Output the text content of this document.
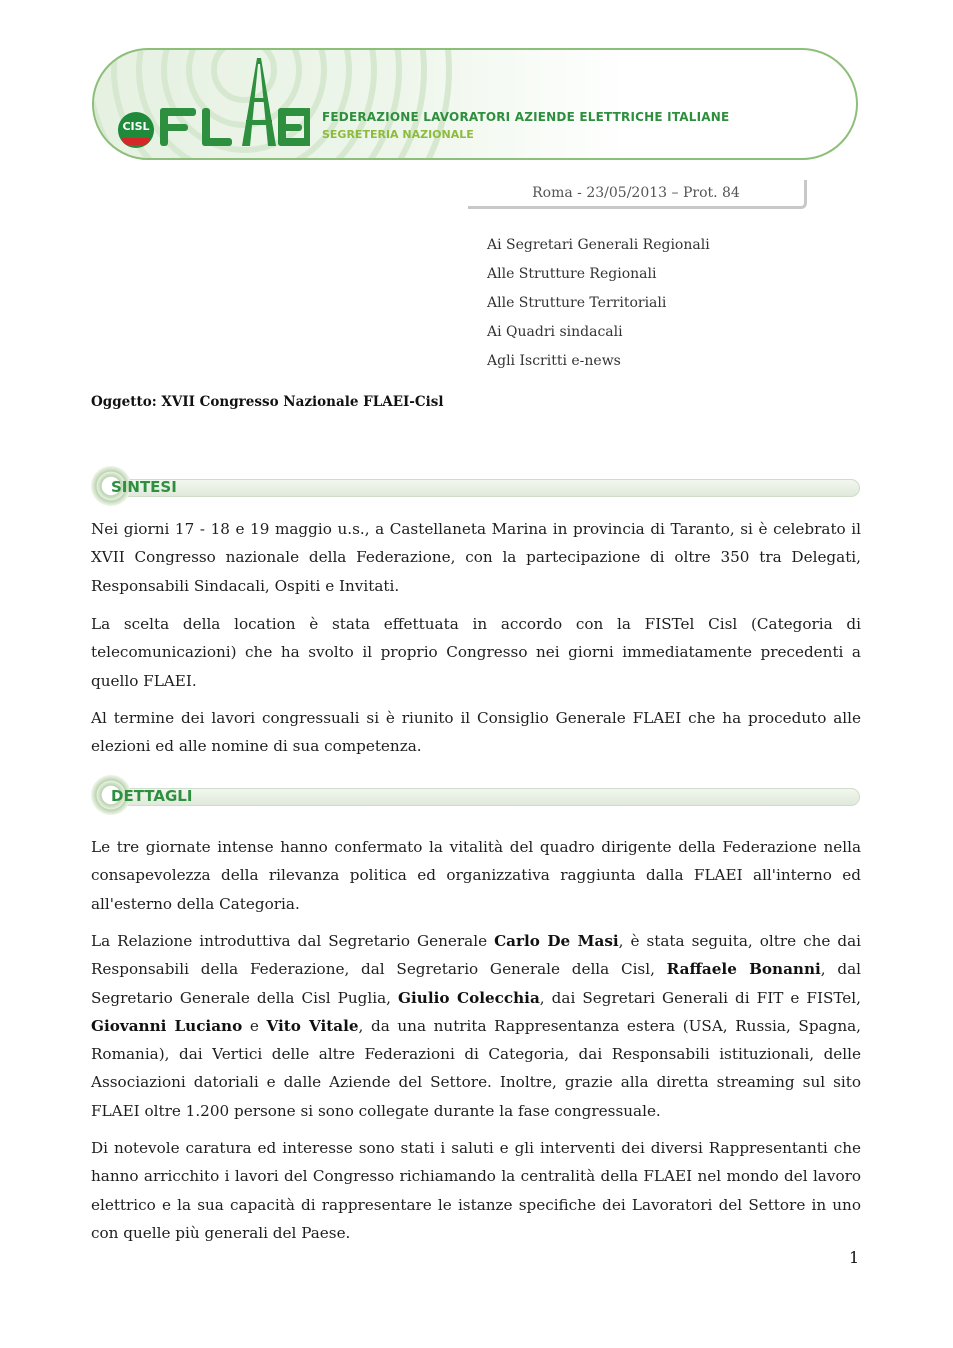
CISL
FLAEI
FEDERAZIONE LAVORATORI AZIENDE ELETTRICHE ITALIANE
SEGRETERIA NAZIONALE
Roma - 23/05/2013 – Prot. 84
Ai Segretari Generali Regionali
Alle Strutture Regionali
Alle Strutture Territoriali
Ai Quadri sindacali
Agli Iscritti e-news
Oggetto: XVII Congresso Nazionale FLAEI-Cisl
SINTESI
Nei giorni 17 - 18 e 19 maggio u.s., a Castellaneta Marina in provincia di Taranto, si è celebrato il XVII Congresso nazionale della Federazione, con la partecipazione di oltre 350 tra Delegati, Responsabili Sindacali, Ospiti e Invitati.
La scelta della location è stata effettuata in accordo con la FISTel Cisl (Categoria di telecomunicazioni) che ha svolto il proprio Congresso nei giorni immediatamente precedenti a quello FLAEI.
Al termine dei lavori congressuali si è riunito il Consiglio Generale FLAEI che ha proceduto alle elezioni ed alle nomine di sua competenza.
DETTAGLI
Le tre giornate intense hanno confermato la vitalità del quadro dirigente della Federazione nella consapevolezza della rilevanza politica ed organizzativa raggiunta dalla FLAEI all'interno ed all'esterno della Categoria.
La Relazione introduttiva dal Segretario Generale Carlo De Masi, è stata seguita, oltre che dai Responsabili della Federazione, dal Segretario Generale della Cisl, Raffaele Bonanni, dal Segretario Generale della Cisl Puglia, Giulio Colecchia, dai Segretari Generali di FIT e FISTel, Giovanni Luciano e Vito Vitale, da una nutrita Rappresentanza estera (USA, Russia, Spagna, Romania), dai Vertici delle altre Federazioni di Categoria, dai Responsabili istituzionali, delle Associazioni datoriali e dalle Aziende del Settore. Inoltre, grazie alla diretta streaming sul sito FLAEI oltre 1.200 persone si sono collegate durante la fase congressuale.
Di notevole caratura ed interesse sono stati i saluti e gli interventi dei diversi Rappresentanti che hanno arricchito i lavori del Congresso richiamando la centralità della FLAEI nel mondo del lavoro elettrico e la sua capacità di rappresentare le istanze specifiche dei Lavoratori del Settore in uno con quelle più generali del Paese.
1
